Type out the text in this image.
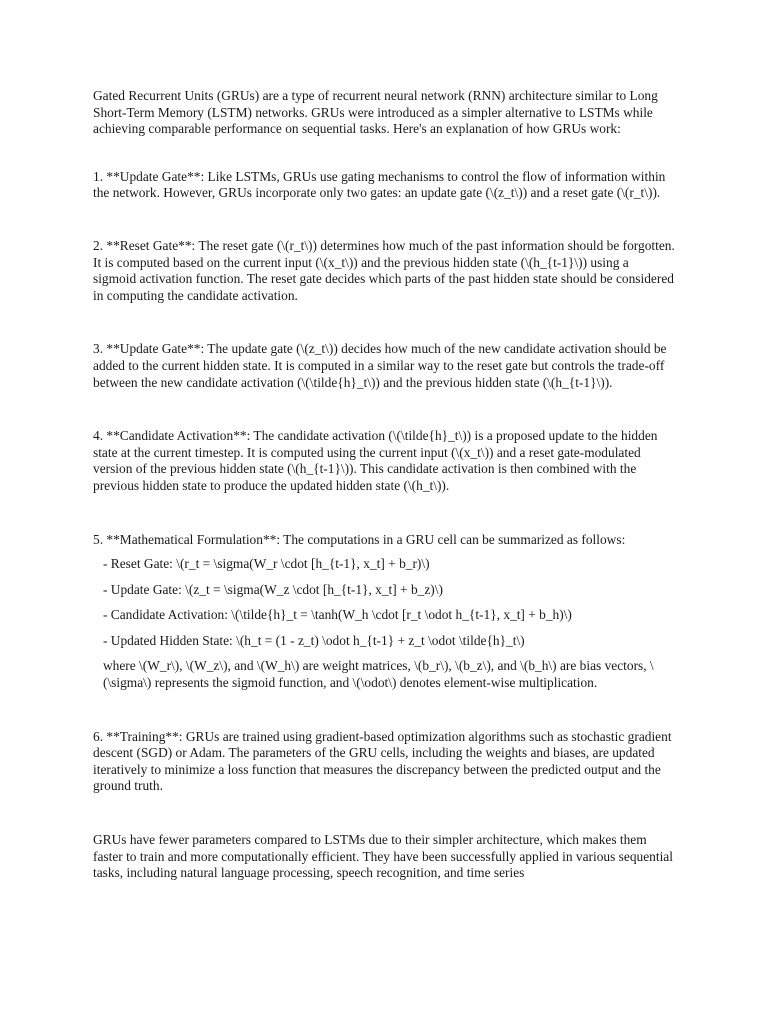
Gated Recurrent Units (GRUs) are a type of recurrent neural network (RNN) architecture similar to Long Short-Term Memory (LSTM) networks. GRUs were introduced as a simpler alternative to LSTMs while achieving comparable performance on sequential tasks. Here's an explanation of how GRUs work:

1. **Update Gate**: Like LSTMs, GRUs use gating mechanisms to control the flow of information within the network. However, GRUs incorporate only two gates: an update gate (\(z_t\)) and a reset gate (\(r_t\)).

2. **Reset Gate**: The reset gate (\(r_t\)) determines how much of the past information should be forgotten. It is computed based on the current input (\(x_t\)) and the previous hidden state (\(h_{t-1}\)) using a sigmoid activation function. The reset gate decides which parts of the past hidden state should be considered in computing the candidate activation.

3. **Update Gate**: The update gate (\(z_t\)) decides how much of the new candidate activation should be added to the current hidden state. It is computed in a similar way to the reset gate but controls the trade-off between the new candidate activation (\(\tilde{h}_t\)) and the previous hidden state (\(h_{t-1}\)).

4. **Candidate Activation**: The candidate activation (\(\tilde{h}_t\)) is a proposed update to the hidden state at the current timestep. It is computed using the current input (\(x_t\)) and a reset gate-modulated version of the previous hidden state (\(h_{t-1}\)). This candidate activation is then combined with the previous hidden state to produce the updated hidden state (\(h_t\)).

5. **Mathematical Formulation**: The computations in a GRU cell can be summarized as follows:

- Reset Gate: \(r_t = \sigma(W_r \cdot [h_{t-1}, x_t] + b_r)\)

- Update Gate: \(z_t = \sigma(W_z \cdot [h_{t-1}, x_t] + b_z)\)

- Candidate Activation: \(\tilde{h}_t = \tanh(W_h \cdot [r_t \odot h_{t-1}, x_t] + b_h)\)

- Updated Hidden State: \(h_t = (1 - z_t) \odot h_{t-1} + z_t \odot \tilde{h}_t\)

where \(W_r\), \(W_z\), and \(W_h\) are weight matrices, \(b_r\), \(b_z\), and \(b_h\) are bias vectors, \(\sigma\) represents the sigmoid function, and \(\odot\) denotes element-wise multiplication.

6. **Training**: GRUs are trained using gradient-based optimization algorithms such as stochastic gradient descent (SGD) or Adam. The parameters of the GRU cells, including the weights and biases, are updated iteratively to minimize a loss function that measures the discrepancy between the predicted output and the ground truth.

GRUs have fewer parameters compared to LSTMs due to their simpler architecture, which makes them faster to train and more computationally efficient. They have been successfully applied in various sequential tasks, including natural language processing, speech recognition, and time series
